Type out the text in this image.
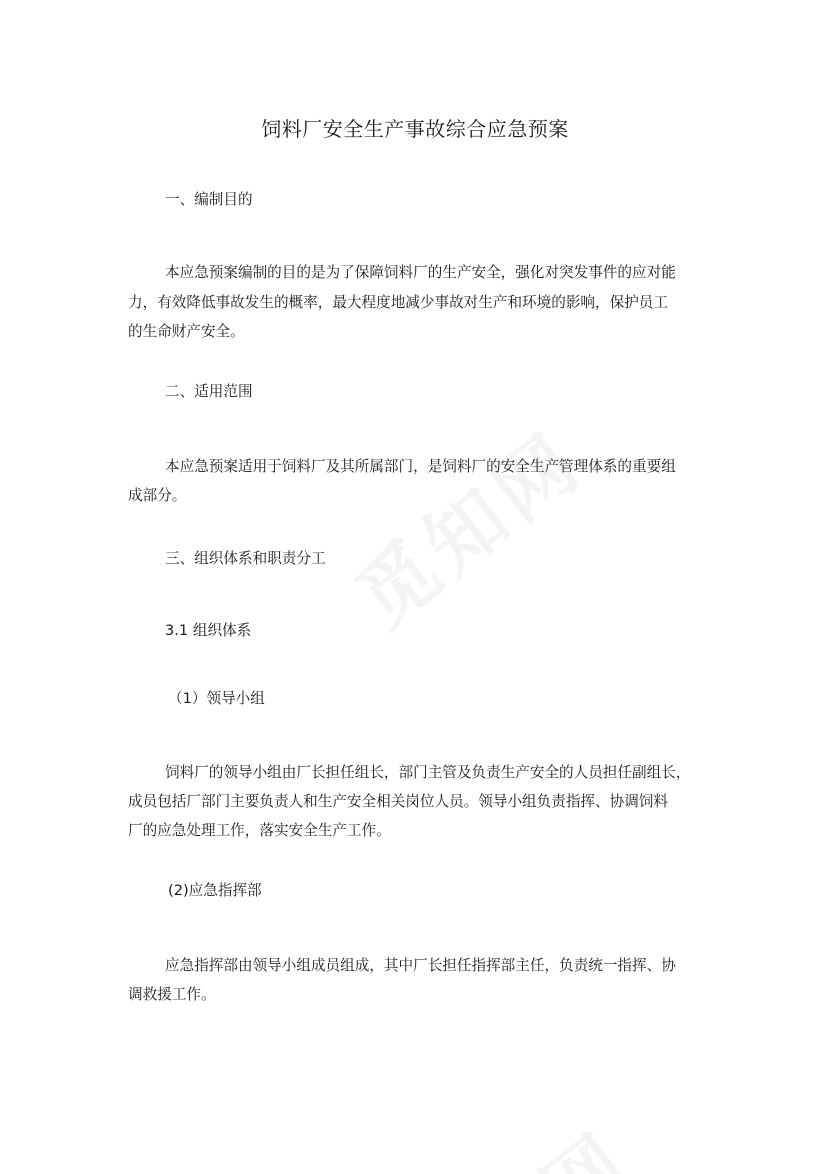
饲料厂安全生产事故综合应急预案

一、编制目的

本应急预案编制的目的是为了保障饲料厂的生产安全，强化对突发事件的应对能

力，有效降低事故发生的概率，最大程度地减少事故对生产和环境的影响，保护员工

的生命财产安全。

二、适用范围

本应急预案适用于饲料厂及其所属部门，是饲料厂的安全生产管理体系的重要组

成部分。

三、组织体系和职责分工

3.1 组织体系

（1）领导小组

饲料厂的领导小组由厂长担任组长，部门主管及负责生产安全的人员担任副组长，

成员包括厂部门主要负责人和生产安全相关岗位人员。领导小组负责指挥、协调饲料

厂的应急处理工作，落实安全生产工作。

(2)应急指挥部

应急指挥部由领导小组成员组成，其中厂长担任指挥部主任，负责统一指挥、协

调救援工作。
